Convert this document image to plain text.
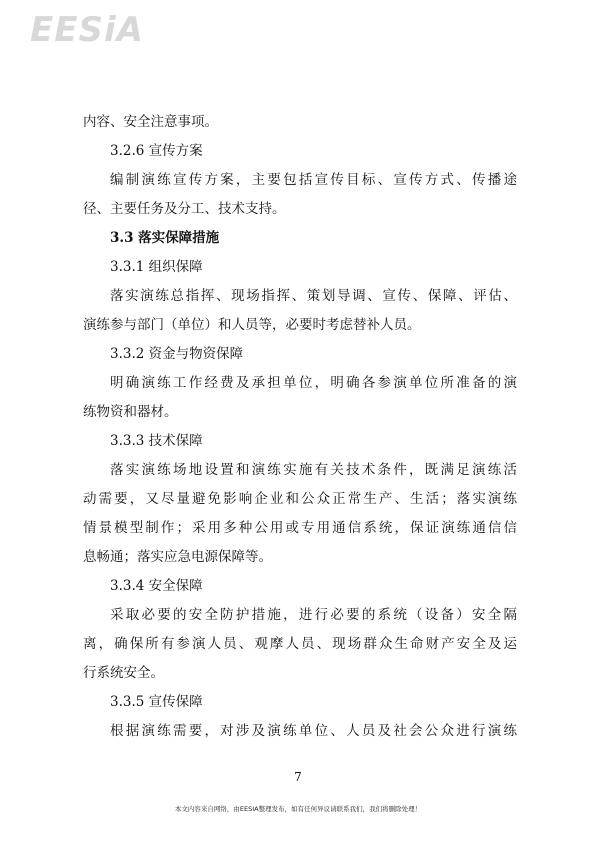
EESiA
内容、安全注意事项。
3.2.6 宣传方案
编制演练宣传方案，主要包括宣传目标、宣传方式、传播途
径、主要任务及分工、技术支持。
3.3 落实保障措施
3.3.1 组织保障
落实演练总指挥、现场指挥、策划导调、宣传、保障、评估、
演练参与部门（单位）和人员等，必要时考虑替补人员。
3.3.2 资金与物资保障
明确演练工作经费及承担单位，明确各参演单位所准备的演
练物资和器材。
3.3.3 技术保障
落实演练场地设置和演练实施有关技术条件，既满足演练活
动需要，又尽量避免影响企业和公众正常生产、生活；落实演练
情景模型制作；采用多种公用或专用通信系统，保证演练通信信
息畅通；落实应急电源保障等。
3.3.4 安全保障
采取必要的安全防护措施，进行必要的系统（设备）安全隔
离，确保所有参演人员、观摩人员、现场群众生命财产安全及运
行系统安全。
3.3.5 宣传保障
根据演练需要，对涉及演练单位、人员及社会公众进行演练
7
本文内容来自网络，由EESIA整理发布，如有任何异议请联系我们，我们将删除处理！
